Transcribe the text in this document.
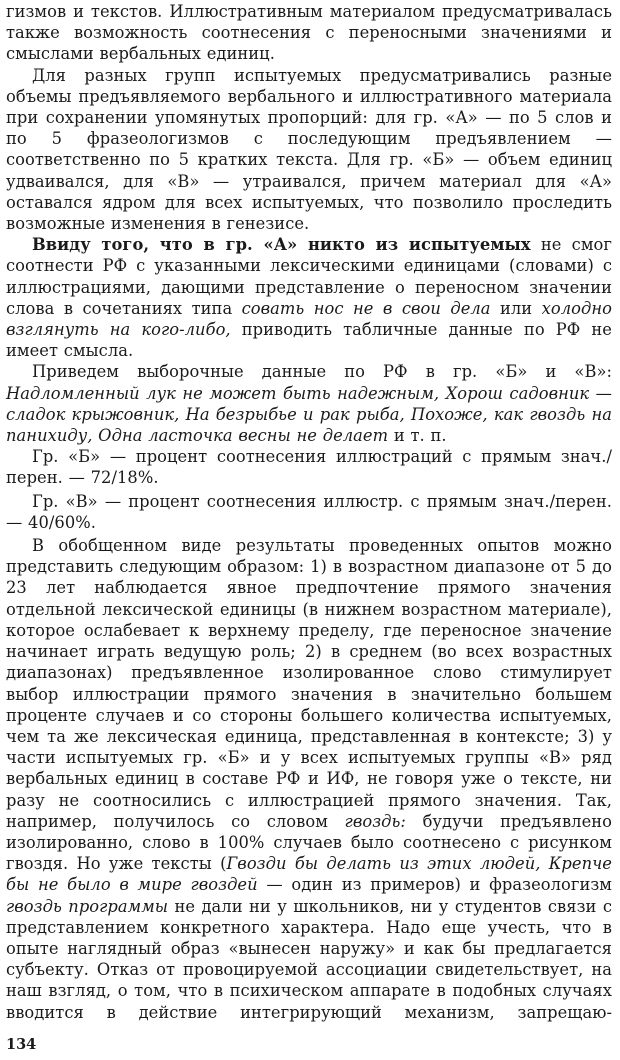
гизмов и текстов. Иллюстративным материалом предусматривалась также возможность соотнесения с переносными значениями и смыслами вербальных единиц.

Для разных групп испытуемых предусматривались разные объемы предъявляемого вербального и иллюстративного материала при сохранении упомянутых пропорций: для гр. «А» — по 5 слов и по 5 фразеологизмов с последующим предъявлением — соответственно по 5 кратких текста. Для гр. «Б» — объем единиц удваивался, для «В» — утраивался, причем материал для «А» оставался ядром для всех испытуемых, что позволило проследить возможные изменения в генезисе.

Ввиду того, что в гр. «А» никто из испытуемых не смог соотнести РФ с указанными лексическими единицами (словами) с иллюстрациями, дающими представление о переносном значении слова в сочетаниях типа совать нос не в свои дела или холодно взглянуть на кого-либо, приводить табличные данные по РФ не имеет смысла.

Приведем выборочные данные по РФ в гр. «Б» и «В»: Надломленный лук не может быть надежным, Хорош садовник — сладок крыжовник, На безрыбье и рак рыба, Похоже, как гвоздь на панихиду, Одна ласточка весны не делает и т. п.

Гр. «Б» — процент соотнесения иллюстраций с прямым знач./перен. — 72/18%.

Гр. «В» — процент соотнесения иллюстр. с прямым знач./перен. — 40/60%.

В обобщенном виде результаты проведенных опытов можно представить следующим образом: 1) в возрастном диапазоне от 5 до 23 лет наблюдается явное предпочтение прямого значения отдельной лексической единицы (в нижнем возрастном материале), которое ослабевает к верхнему пределу, где переносное значение начинает играть ведущую роль; 2) в среднем (во всех возрастных диапазонах) предъявленное изолированное слово стимулирует выбор иллюстрации прямого значения в значительно большем проценте случаев и со стороны большего количества испытуемых, чем та же лексическая единица, представленная в контексте; 3) у части испытуемых гр. «Б» и у всех испытуемых группы «В» ряд вербальных единиц в составе РФ и ИФ, не говоря уже о тексте, ни разу не соотносились с иллюстрацией прямого значения. Так, например, получилось со словом гвоздь: будучи предъявлено изолированно, слово в 100% случаев было соотнесено с рисунком гвоздя. Но уже тексты (Гвозди бы делать из этих людей, Крепче бы не было в мире гвоздей — один из примеров) и фразеологизм гвоздь программы не дали ни у школьников, ни у студентов связи с представлением конкретного характера. Надо еще учесть, что в опыте наглядный образ «вынесен наружу» и как бы предлагается субъекту. Отказ от провоцируемой ассоциации свидетельствует, на наш взгляд, о том, что в психическом аппарате в подобных случаях вводится в действие интегрирующий механизм, запрещаю-

134
